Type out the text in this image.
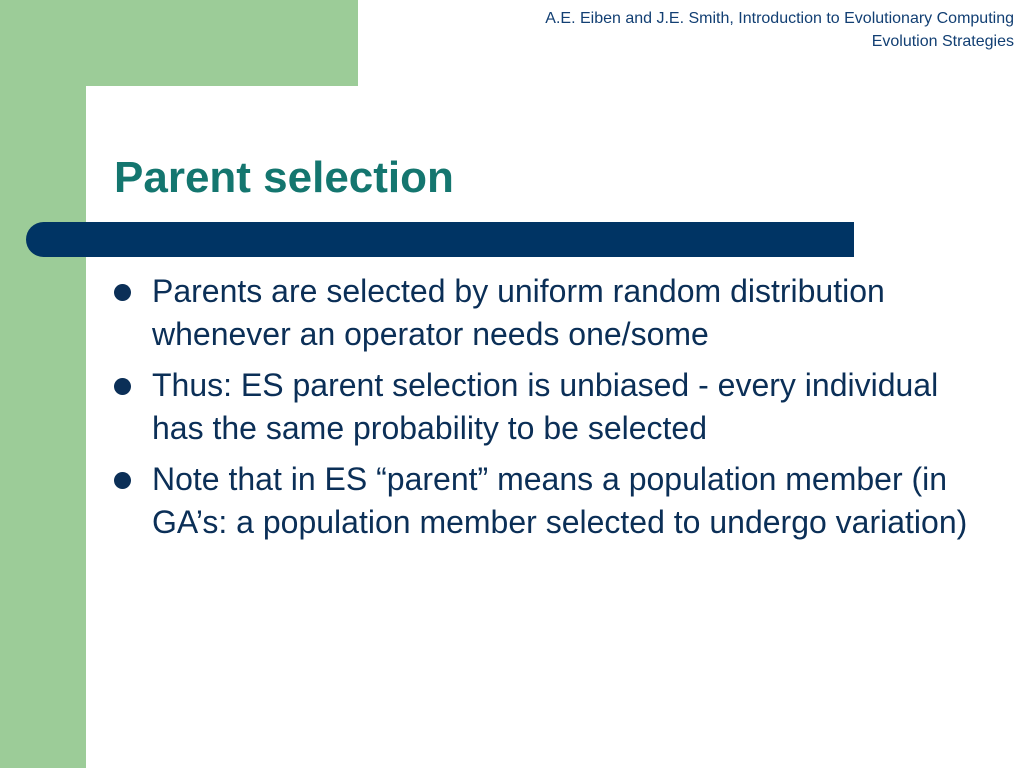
A.E. Eiben and J.E. Smith, Introduction to Evolutionary Computing
Evolution Strategies
Parent selection
Parents are selected by uniform random distribution whenever an operator needs one/some
Thus: ES parent selection is unbiased - every individual has the same probability to be selected
Note that in ES “parent” means a population member (in GA’s: a population member selected to undergo variation)
